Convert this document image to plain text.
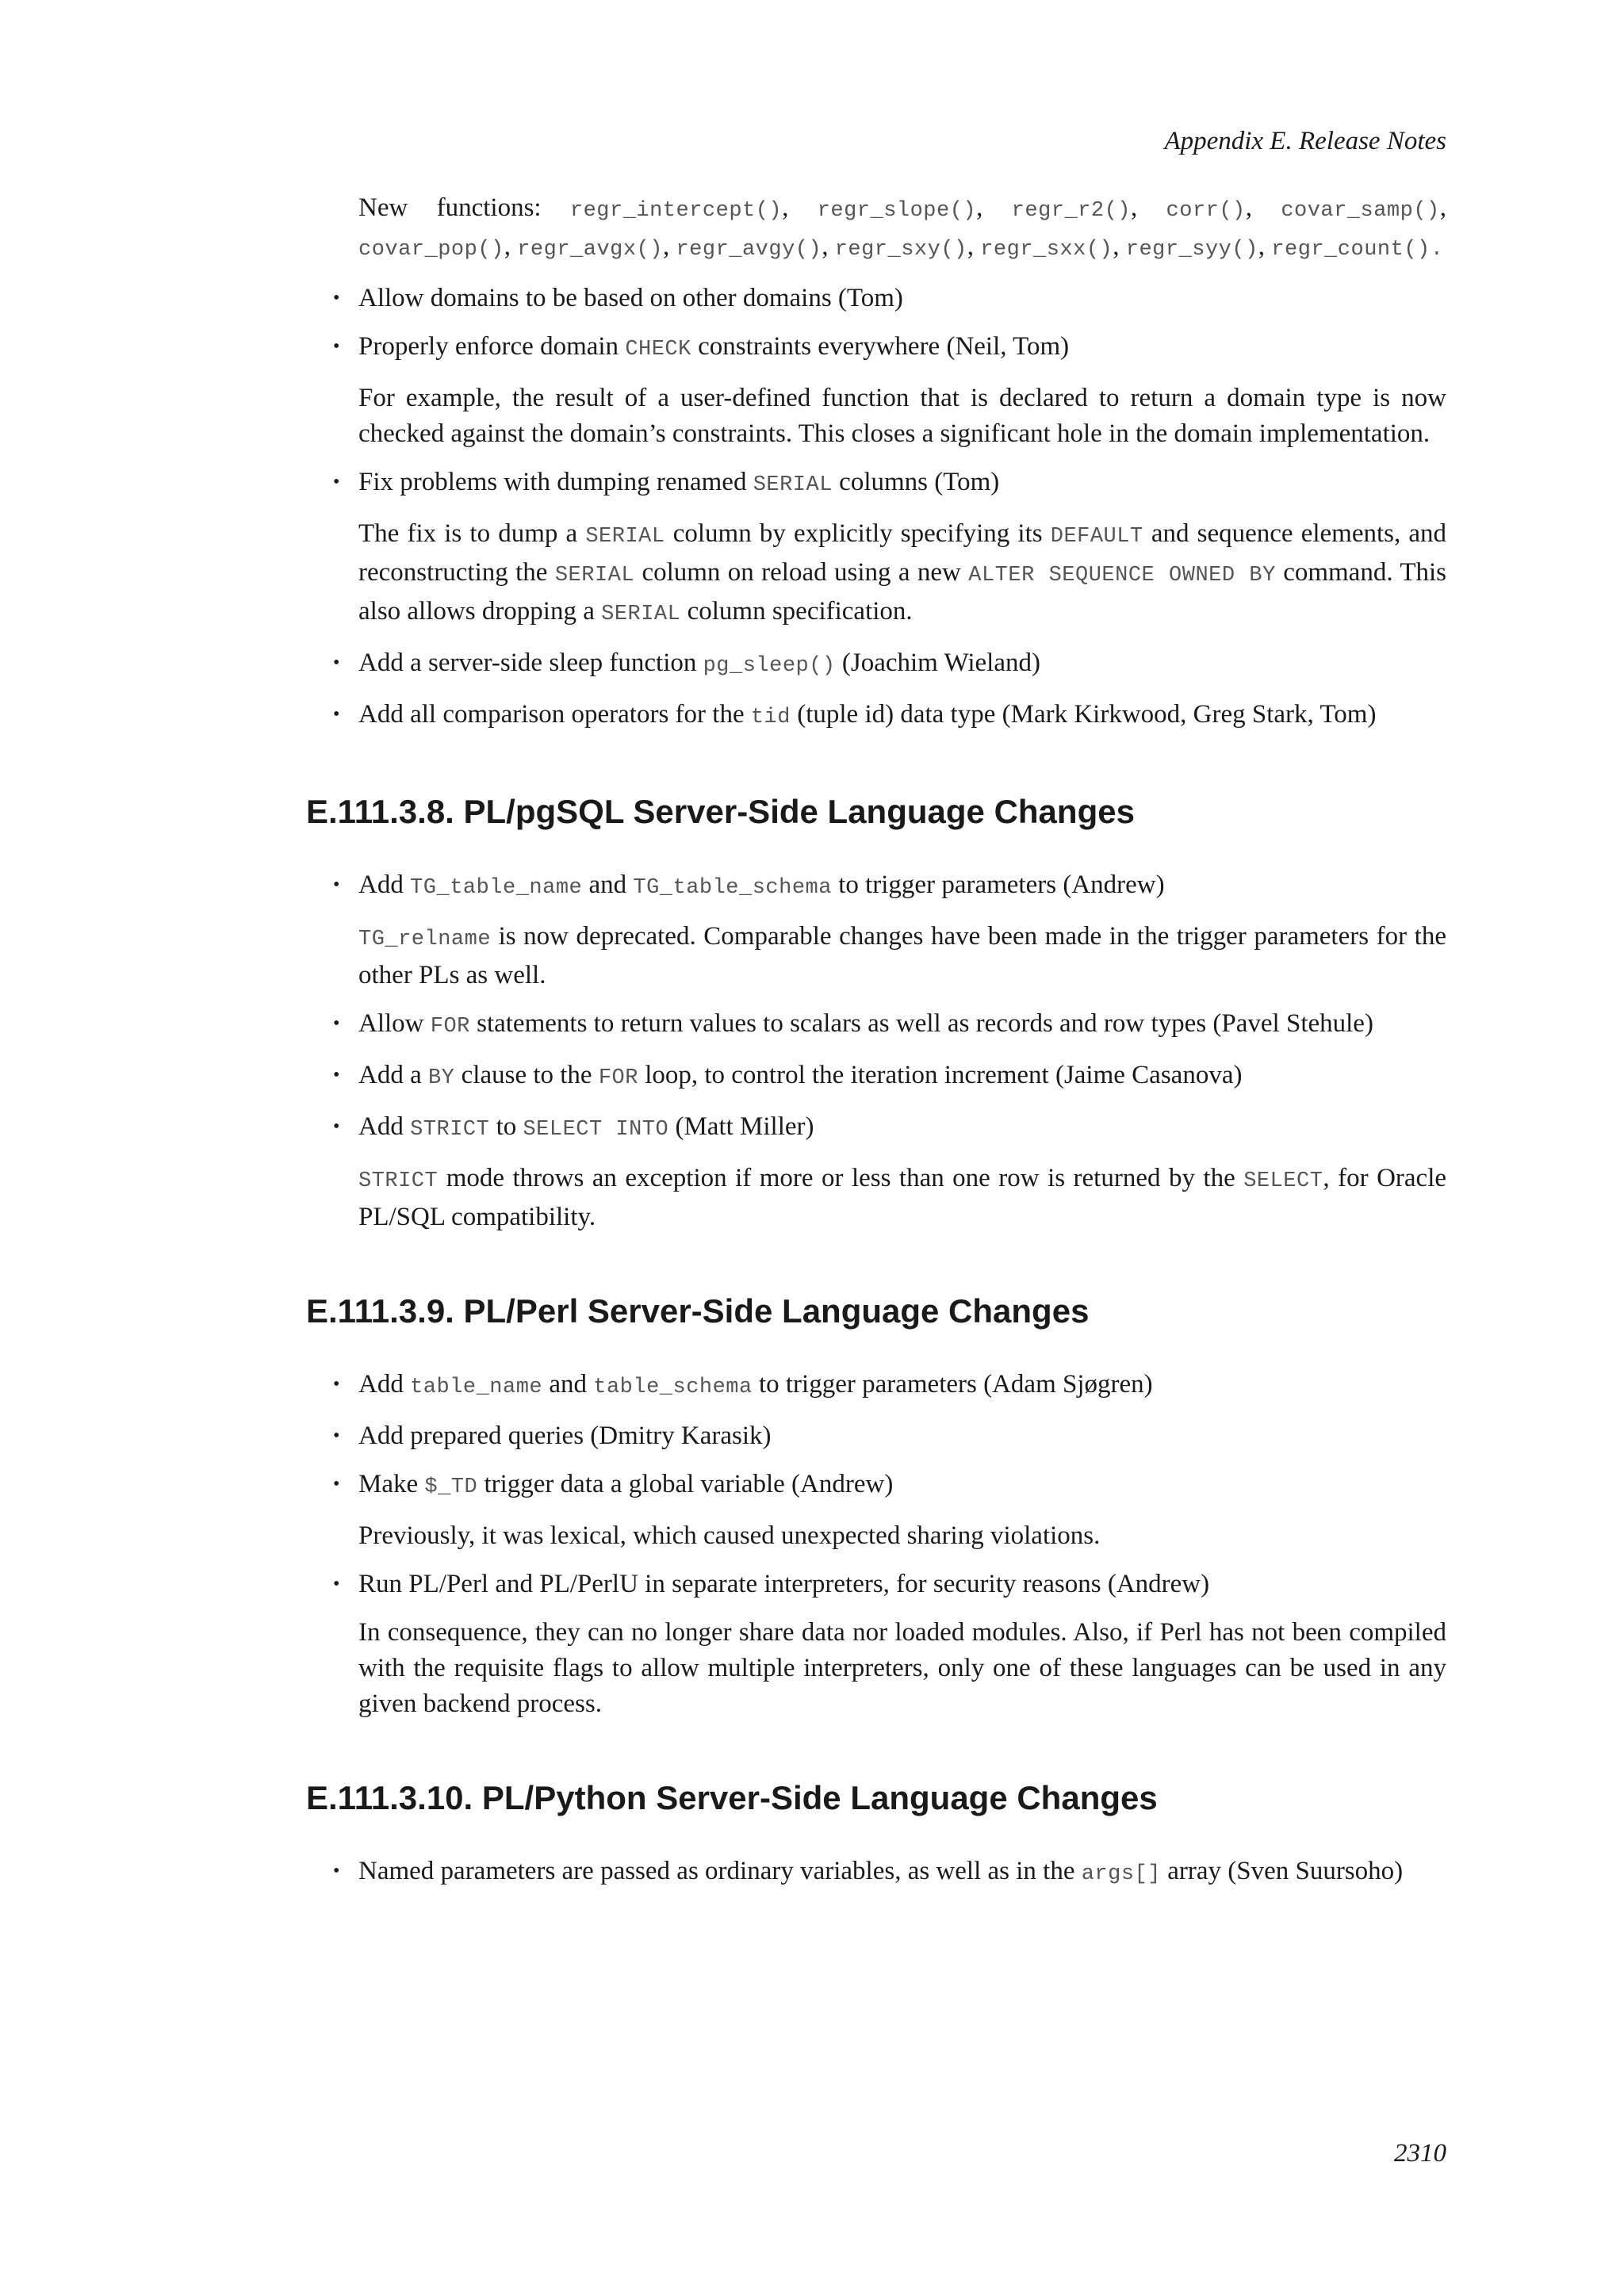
Appendix E. Release Notes

New functions: regr_intercept(), regr_slope(), regr_r2(), corr(), covar_samp(), covar_pop(), regr_avgx(), regr_avgy(), regr_sxy(), regr_sxx(), regr_syy(), regr_count().

• Allow domains to be based on other domains (Tom)
• Properly enforce domain CHECK constraints everywhere (Neil, Tom)

For example, the result of a user-defined function that is declared to return a domain type is now checked against the domain’s constraints. This closes a significant hole in the domain implementation.

• Fix problems with dumping renamed SERIAL columns (Tom)

The fix is to dump a SERIAL column by explicitly specifying its DEFAULT and sequence elements, and reconstructing the SERIAL column on reload using a new ALTER SEQUENCE OWNED BY command. This also allows dropping a SERIAL column specification.

• Add a server-side sleep function pg_sleep() (Joachim Wieland)
• Add all comparison operators for the tid (tuple id) data type (Mark Kirkwood, Greg Stark, Tom)
E.111.3.8. PL/pgSQL Server-Side Language Changes
• Add TG_table_name and TG_table_schema to trigger parameters (Andrew)

TG_relname is now deprecated. Comparable changes have been made in the trigger parameters for the other PLs as well.

• Allow FOR statements to return values to scalars as well as records and row types (Pavel Stehule)
• Add a BY clause to the FOR loop, to control the iteration increment (Jaime Casanova)
• Add STRICT to SELECT INTO (Matt Miller)

STRICT mode throws an exception if more or less than one row is returned by the SELECT, for Oracle PL/SQL compatibility.

E.111.3.9. PL/Perl Server-Side Language Changes
• Add table_name and table_schema to trigger parameters (Adam Sjøgren)
• Add prepared queries (Dmitry Karasik)
• Make $_TD trigger data a global variable (Andrew)

Previously, it was lexical, which caused unexpected sharing violations.

• Run PL/Perl and PL/PerlU in separate interpreters, for security reasons (Andrew)

In consequence, they can no longer share data nor loaded modules. Also, if Perl has not been compiled with the requisite flags to allow multiple interpreters, only one of these languages can be used in any given backend process.

E.111.3.10. PL/Python Server-Side Language Changes
• Named parameters are passed as ordinary variables, as well as in the args[] array (Sven Suursoho)
2310
